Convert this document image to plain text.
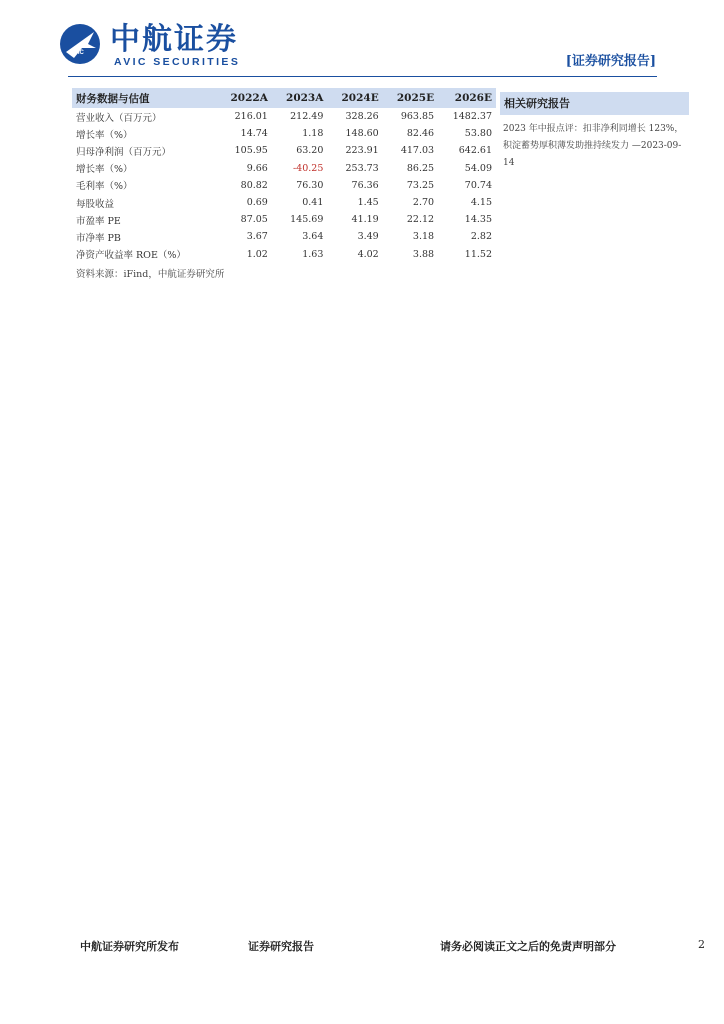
AVIC 中航证券
AVIC SECURITIES	[证券研究报告]
财务数据与估值	2022A	2023A	2024E	2025E	2026E
营业收入（百万元）	216.01	212.49	328.26	963.85	1482.37
增长率（%）	14.74	1.18	148.60	82.46	53.80
归母净利润（百万元）	105.95	63.20	223.91	417.03	642.61
增长率（%）	9.66	-40.25	253.73	86.25	54.09
毛利率（%）	80.82	76.30	76.36	73.25	70.74
每股收益	0.69	0.41	1.45	2.70	4.15
市盈率 PE	87.05	145.69	41.19	22.12	14.35
市净率 PB	3.67	3.64	3.49	3.18	2.82
净资产收益率 ROE（%）	1.02	1.63	4.02	3.88	11.52
资料来源：iFind，中航证券研究所
相关研究报告
2023 年中报点评：扣非净利同增长 123%，积淀蓄势厚积薄发助推持续发力 —2023-09-14
中航证券研究所发布	证券研究报告	请务必阅读正文之后的免责声明部分	2
